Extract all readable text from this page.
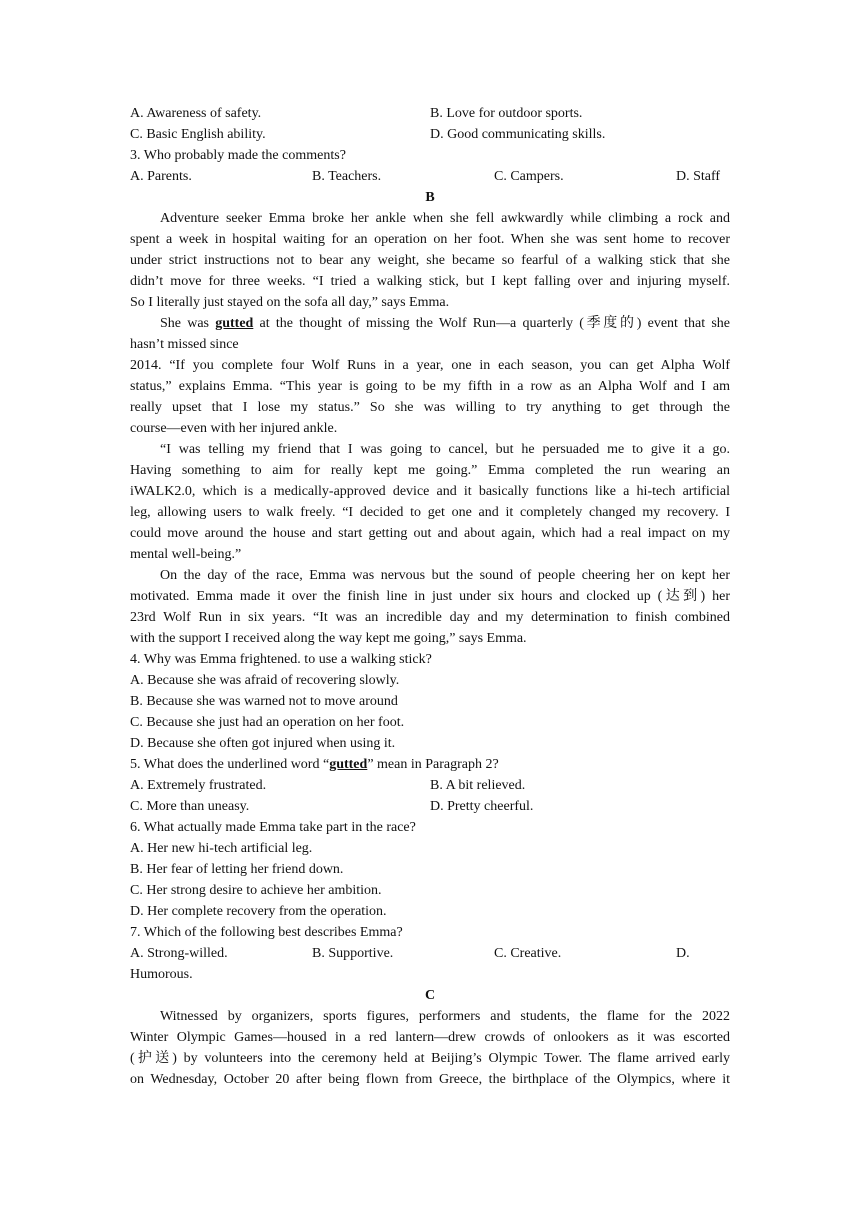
A. Awareness of safety.	B. Love for outdoor sports.
C. Basic English ability.	D. Good communicating skills.
3. Who probably made the comments?
A. Parents.	B. Teachers.	C. Campers.	D. Staff
B
Adventure seeker Emma broke her ankle when she fell awkwardly while climbing a rock and
spent a week in hospital waiting for an operation on her foot. When she was sent home to recover
under strict instructions not to bear any weight, she became so fearful of a walking stick that she
didn’t move for three weeks. “I tried a walking stick, but I kept falling over and injuring myself.
So I literally just stayed on the sofa all day,” says Emma.
She was gutted at the thought of missing the Wolf Run—a quarterly (季度的) event that she
hasn’t missed since
2014. “If you complete four Wolf Runs in a year, one in each season, you can get Alpha Wolf
status,” explains Emma. “This year is going to be my fifth in a row as an Alpha Wolf and I am
really upset that I lose my status.” So she was willing to try anything to get through the
course—even with her injured ankle.
“I was telling my friend that I was going to cancel, but he persuaded me to give it a go.
Having something to aim for really kept me going.” Emma completed the run wearing an
iWALK2.0, which is a medically-approved device and it basically functions like a hi-tech artificial
leg, allowing users to walk freely. “I decided to get one and it completely changed my recovery. I
could move around the house and start getting out and about again, which had a real impact on my
mental well-being.”
On the day of the race, Emma was nervous but the sound of people cheering her on kept her
motivated. Emma made it over the finish line in just under six hours and clocked up (达到) her
23rd Wolf Run in six years. “It was an incredible day and my determination to finish combined
with the support I received along the way kept me going,” says Emma.
4. Why was Emma frightened. to use a walking stick?
A. Because she was afraid of recovering slowly.
B. Because she was warned not to move around
C. Because she just had an operation on her foot.
D. Because she often got injured when using it.
5. What does the underlined word “gutted” mean in Paragraph 2?
A. Extremely frustrated.	B. A bit relieved.
C. More than uneasy.	D. Pretty cheerful.
6. What actually made Emma take part in the race?
A. Her new hi-tech artificial leg.
B. Her fear of letting her friend down.
C. Her strong desire to achieve her ambition.
D. Her complete recovery from the operation.
7. Which of the following best describes Emma?
A. Strong-willed.	B. Supportive.	C. Creative.	D.
Humorous.
C
Witnessed by organizers, sports figures, performers and students, the flame for the 2022
Winter Olympic Games—housed in a red lantern—drew crowds of onlookers as it was escorted
(护送) by volunteers into the ceremony held at Beijing’s Olympic Tower. The flame arrived early
on Wednesday, October 20 after being flown from Greece, the birthplace of the Olympics, where it
